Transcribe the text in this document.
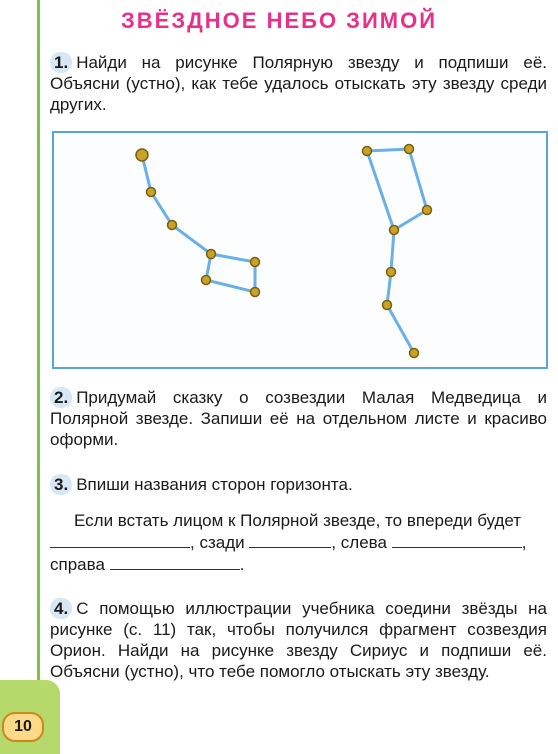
10
ЗВЁЗДНОЕ НЕБО ЗИМОЙ
1. Найди на рисунке Полярную звезду и подпиши её. Объясни (устно), как тебе удалось отыскать эту звезду среди других.
2. Придумай сказку о созвездии Малая Медведица и Полярной звезде. Запиши её на отдельном листе и красиво оформи.
3. Впиши названия сторон горизонта.
Если встать лицом к Полярной звезде, то впереди будет , сзади	, слева	, справа	.
4. С помощью иллюстрации учебника соедини звёзды на рисунке (с. 11) так, чтобы получился фрагмент созвездия Орион. Найди на рисунке звезду Сириус и подпиши её. Объясни (устно), что тебе помогло отыскать эту звезду.
